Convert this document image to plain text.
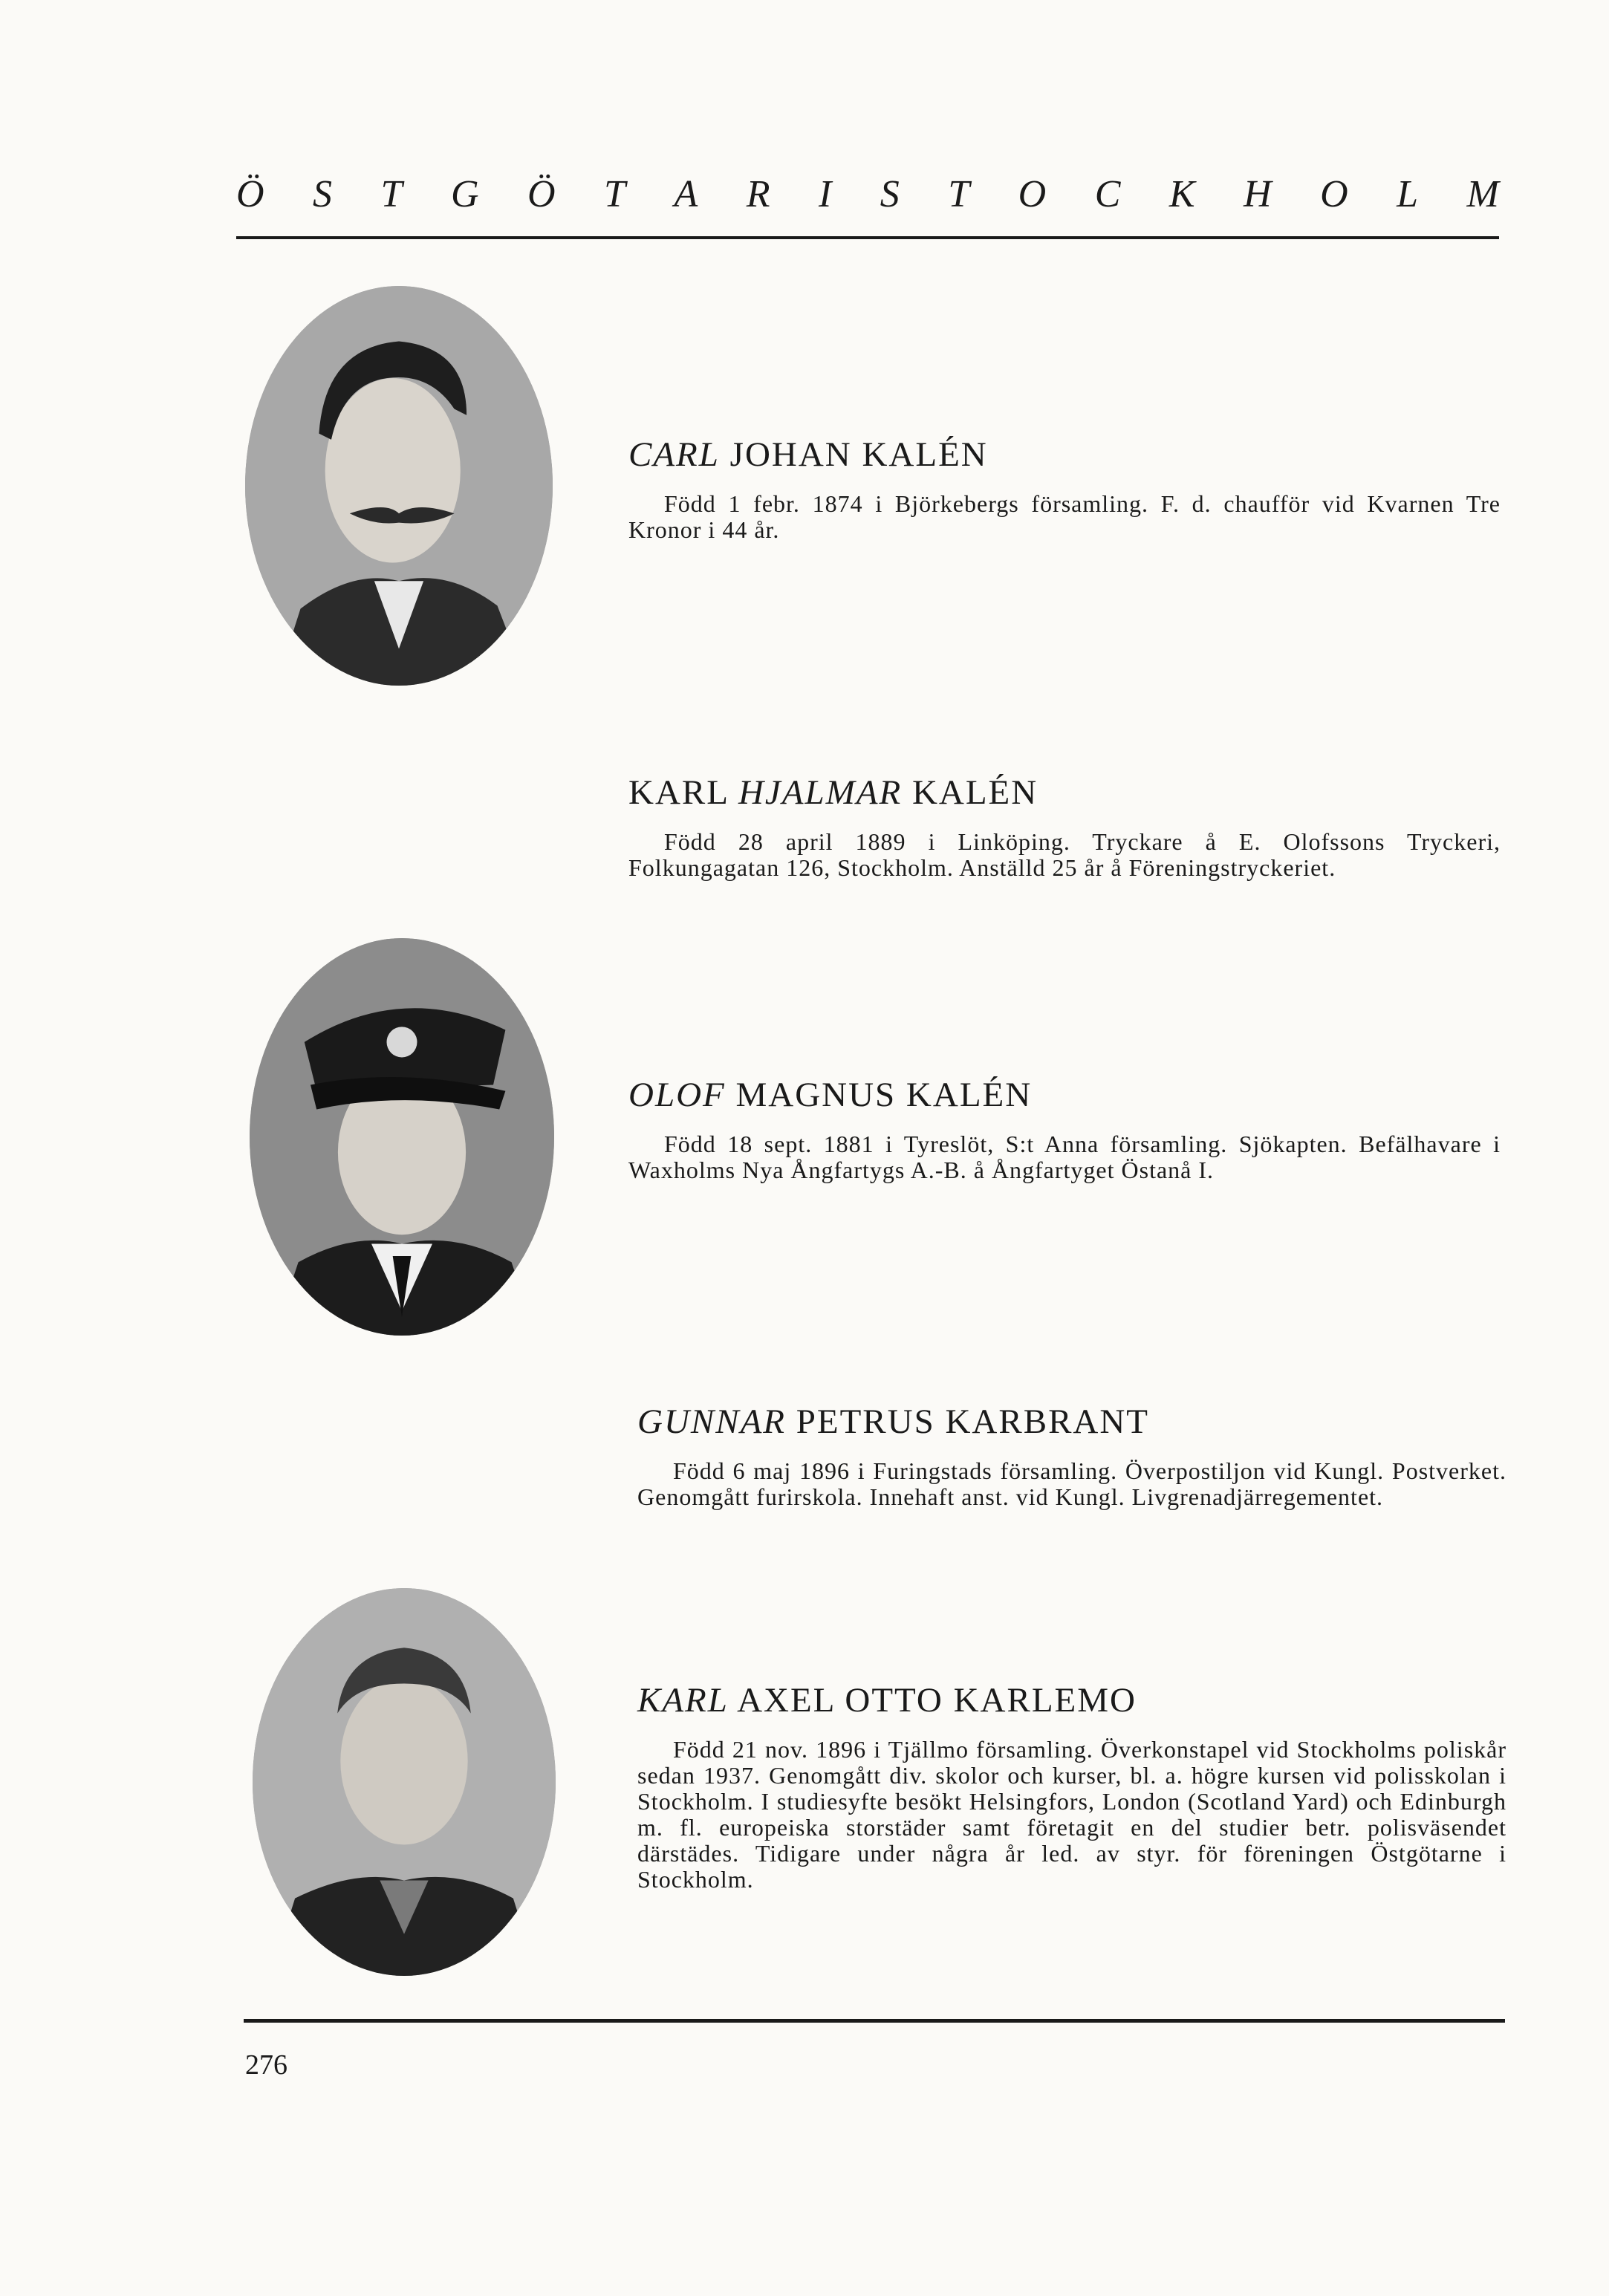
Ö S T G Ö T A R I S T O C K H O L M
CARL JOHAN KALÉN
Född 1 febr. 1874 i Björkebergs församling. F. d. chaufför vid Kvarnen Tre Kronor i 44 år.
KARL HJALMAR KALÉN
Född 28 april 1889 i Linköping. Tryckare å E. Olofssons Tryckeri, Folkungagatan 126, Stockholm. Anställd 25 år å Föreningstryckeriet.
OLOF MAGNUS KALÉN
Född 18 sept. 1881 i Tyreslöt, S:t Anna församling. Sjökapten. Befälhavare i Waxholms Nya Ångfartygs A.-B. å Ångfartyget Östanå I.
GUNNAR PETRUS KARBRANT
Född 6 maj 1896 i Furingstads församling. Överpostiljon vid Kungl. Postverket. Genomgått furirskola. Innehaft anst. vid Kungl. Livgrenadjärregementet.
KARL AXEL OTTO KARLEMO
Född 21 nov. 1896 i Tjällmo församling. Överkonstapel vid Stockholms poliskår sedan 1937. Genomgått div. skolor och kurser, bl. a. högre kursen vid polisskolan i Stockholm. I studiesyfte besökt Helsingfors, London (Scotland Yard) och Edinburgh m. fl. europeiska storstäder samt företagit en del studier betr. polisväsendet därstädes. Tidigare under några år led. av styr. för föreningen Östgötarne i Stockholm.
276
